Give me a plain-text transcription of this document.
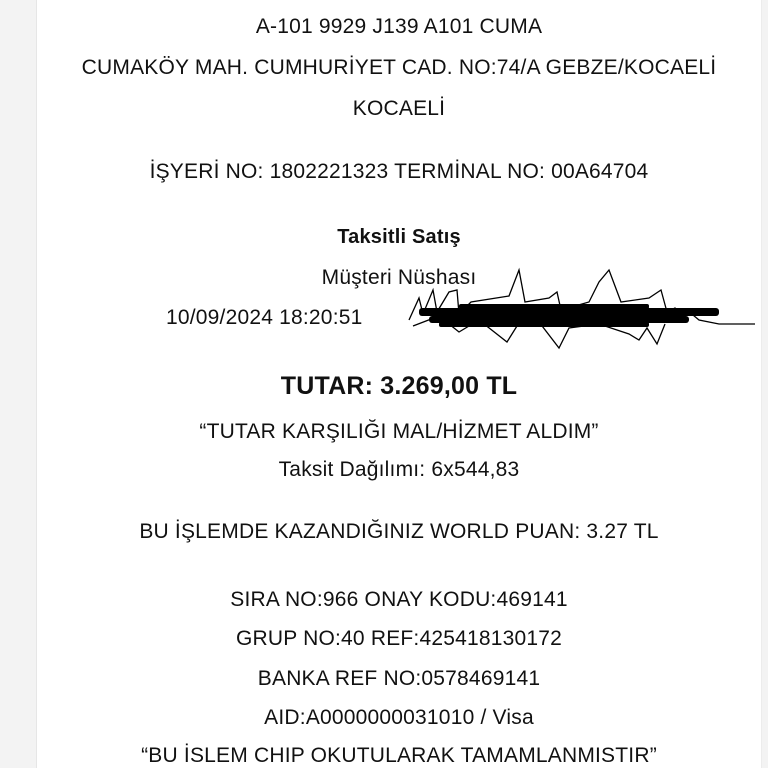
A-101 9929 J139 A101 CUMA
CUMAKÖY MAH. CUMHURİYET CAD. NO:74/A GEBZE/KOCAELİ
KOCAELİ
İŞYERİ NO: 1802221323 TERMİNAL NO: 00A64704
Taksitli Satış
Müşteri Nüshası
10/09/2024 18:20:51
TUTAR: 3.269,00 TL
“TUTAR KARŞILIĞI MAL/HİZMET ALDIM”
Taksit Dağılımı: 6x544,83
BU İŞLEMDE KAZANDIĞINIZ WORLD PUAN: 3.27 TL
SIRA NO:966 ONAY KODU:469141
GRUP NO:40 REF:425418130172
BANKA REF NO:0578469141
AID:A0000000031010 / Visa
“BU İSLEM CHIP OKUTULARAK TAMAMLANMISTIR”
